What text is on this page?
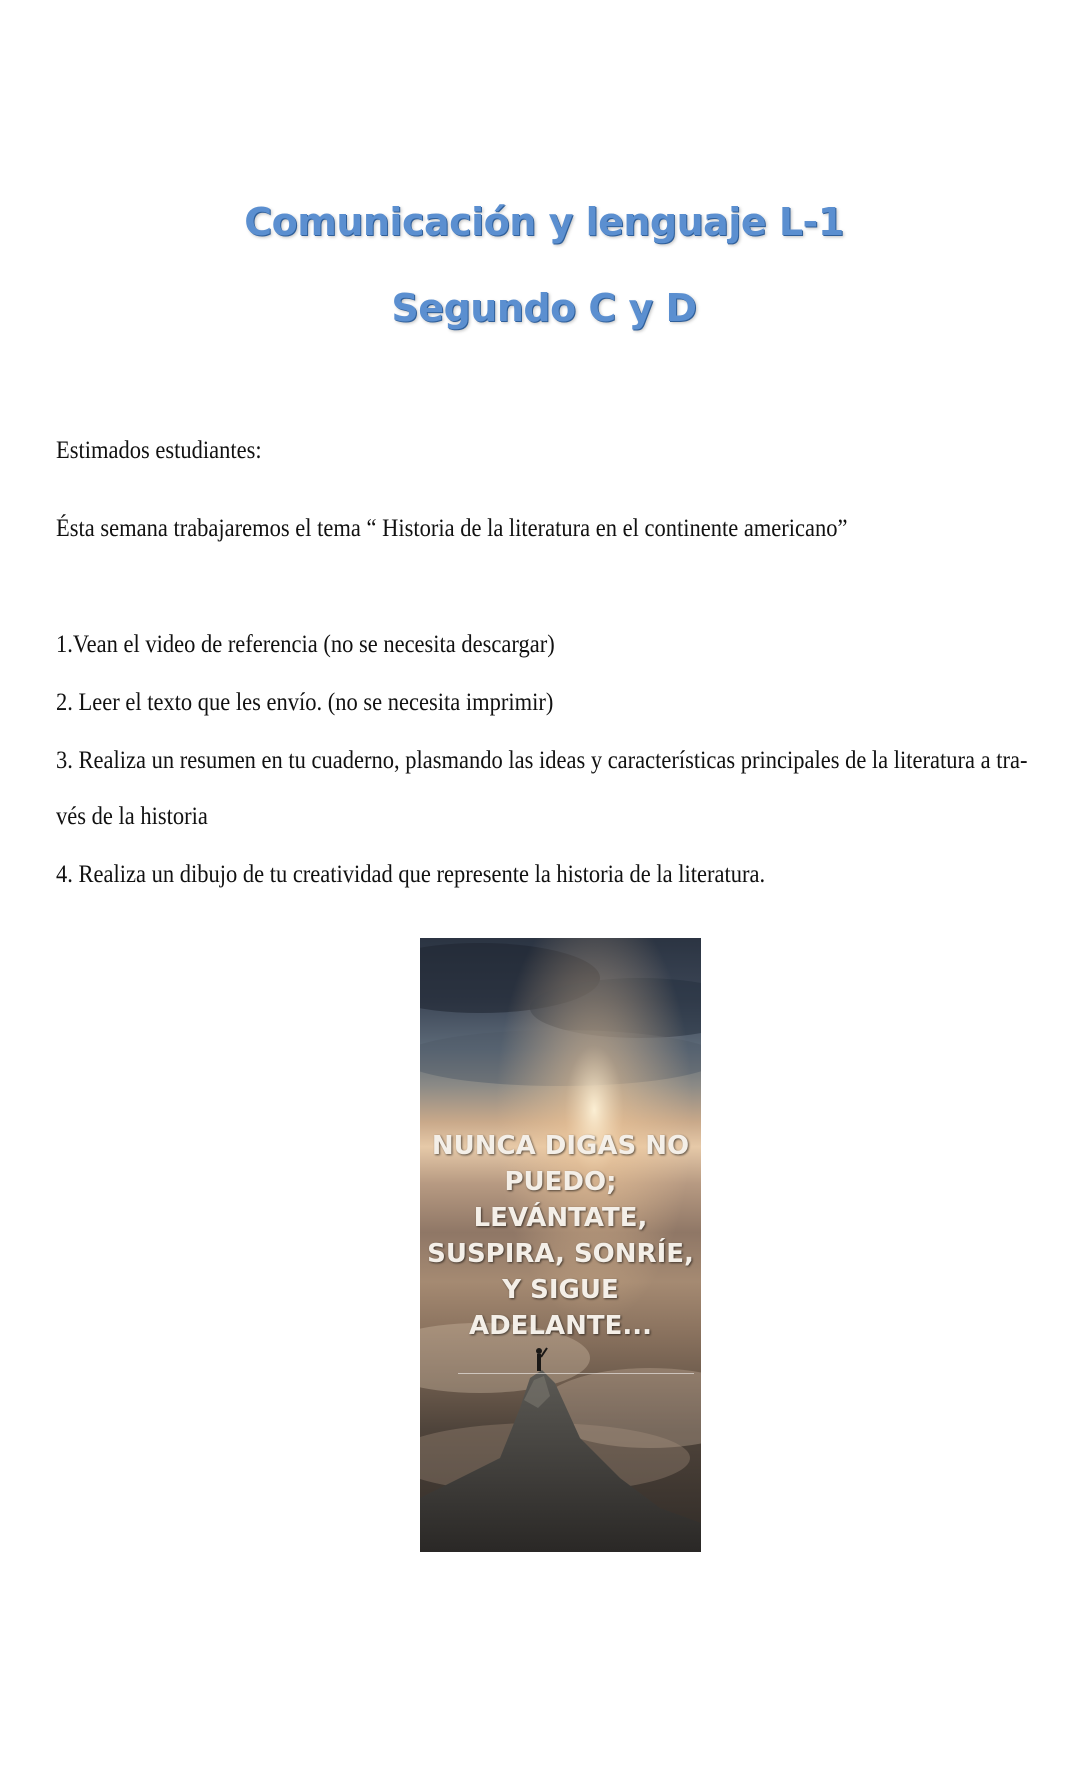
Comunicación y lenguaje L-1
Segundo C y D
Estimados estudiantes:
Ésta semana trabajaremos el tema “ Historia de la literatura en el continente americano”
1.Vean el video de referencia (no se necesita descargar)
2. Leer el texto que les envío. (no se necesita imprimir)
3. Realiza un resumen en tu cuaderno, plasmando las ideas y características principales de la literatura a tra-
vés de la historia
4. Realiza un dibujo de tu creatividad que represente la historia de la literatura.
NUNCA DIGAS NO
PUEDO;
LEVÁNTATE,
SUSPIRA, SONRÍE,
Y SIGUE
ADELANTE...
